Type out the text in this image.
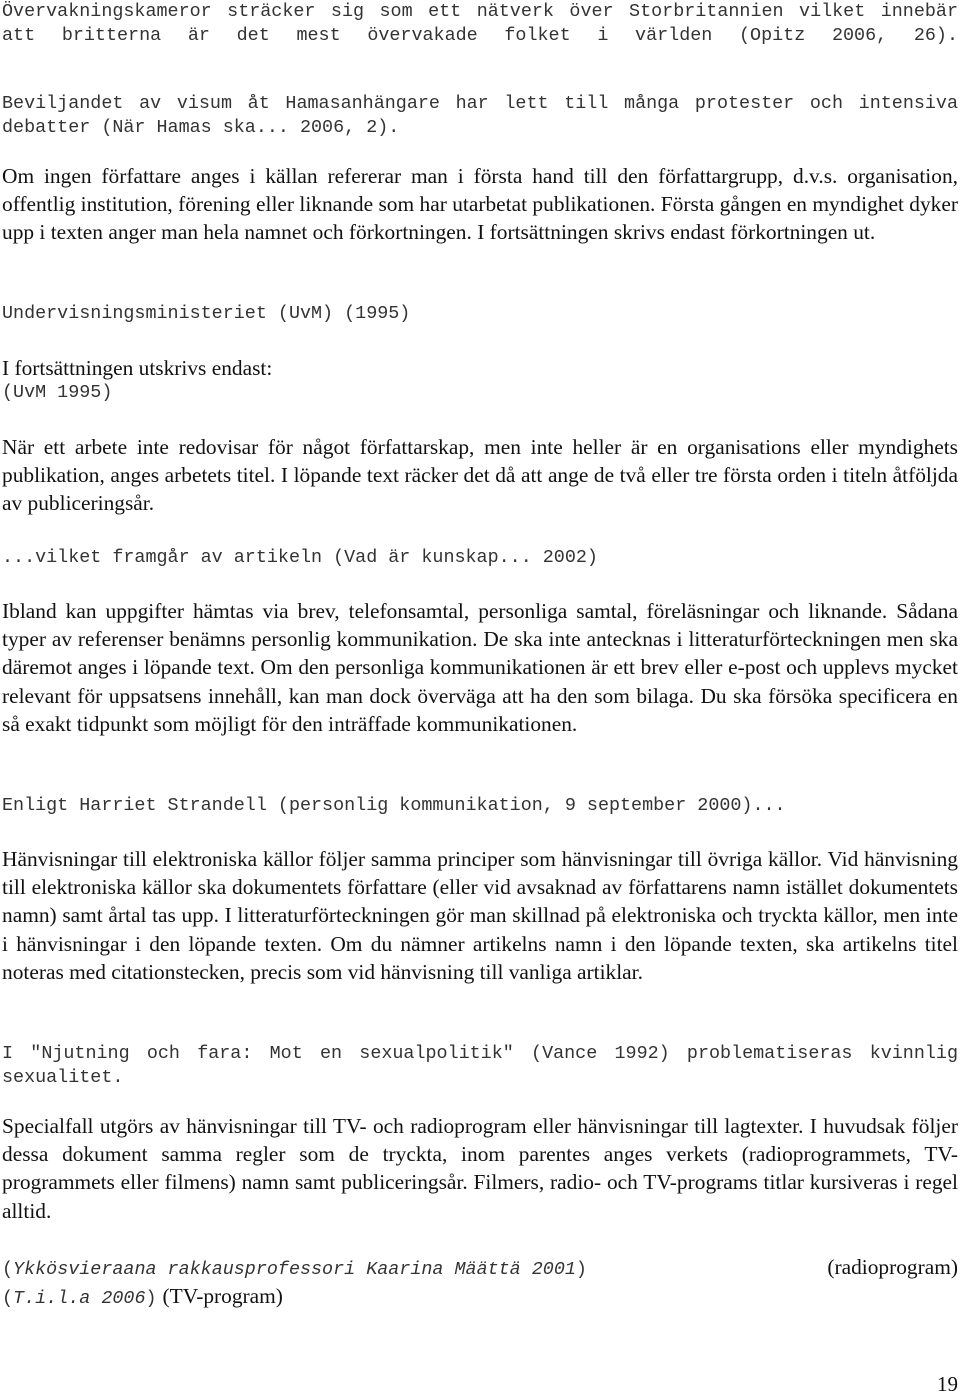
Övervakningskameror sträcker sig som ett nätverk över Storbritannien vilket innebär att britterna är det mest övervakade folket i världen (Opitz 2006, 26).

Beviljandet av visum åt Hamasanhängare har lett till många protester och intensiva debatter (När Hamas ska... 2006, 2).

Om ingen författare anges i källan refererar man i första hand till den författargrupp, d.v.s. organisation, offentlig institution, förening eller liknande som har utarbetat publikationen. Första gången en myndighet dyker upp i texten anger man hela namnet och förkortningen. I fortsättningen skrivs endast förkortningen ut.

Undervisningsministeriet (UvM) (1995)

I fortsättningen utskrivs endast:

(UvM 1995)

När ett arbete inte redovisar för något författarskap, men inte heller är en organisations eller myndighets publikation, anges arbetets titel. I löpande text räcker det då att ange de två eller tre första orden i titeln åtföljda av publiceringsår.

...vilket framgår av artikeln (Vad är kunskap... 2002)

Ibland kan uppgifter hämtas via brev, telefonsamtal, personliga samtal, föreläsningar och liknande. Sådana typer av referenser benämns personlig kommunikation. De ska inte antecknas i litteraturförteckningen men ska däremot anges i löpande text. Om den personliga kommunikationen är ett brev eller e-post och upplevs mycket relevant för uppsatsens innehåll, kan man dock överväga att ha den som bilaga. Du ska försöka specificera en så exakt tidpunkt som möjligt för den inträffade kommunikationen.

Enligt Harriet Strandell (personlig kommunikation, 9 september 2000)...

Hänvisningar till elektroniska källor följer samma principer som hänvisningar till övriga källor. Vid hänvisning till elektroniska källor ska dokumentets författare (eller vid avsaknad av författarens namn istället dokumentets namn) samt årtal tas upp. I litteraturförteckningen gör man skillnad på elektroniska och tryckta källor, men inte i hänvisningar i den löpande texten. Om du nämner artikelns namn i den löpande texten, ska artikelns titel noteras med citationstecken, precis som vid hänvisning till vanliga artiklar.

I "Njutning och fara: Mot en sexualpolitik" (Vance 1992) problematiseras kvinnlig sexualitet.

Specialfall utgörs av hänvisningar till TV- och radioprogram eller hänvisningar till lagtexter. I huvudsak följer dessa dokument samma regler som de tryckta, inom parentes anges verkets (radioprogrammets, TV-programmets eller filmens) namn samt publiceringsår. Filmers, radio- och TV-programs titlar kursiveras i regel alltid.

(Ykkösvieraana rakkausprofessori Kaarina Määttä 2001)	(radioprogram)
(T.i.l.a 2006) (TV-program)
19
